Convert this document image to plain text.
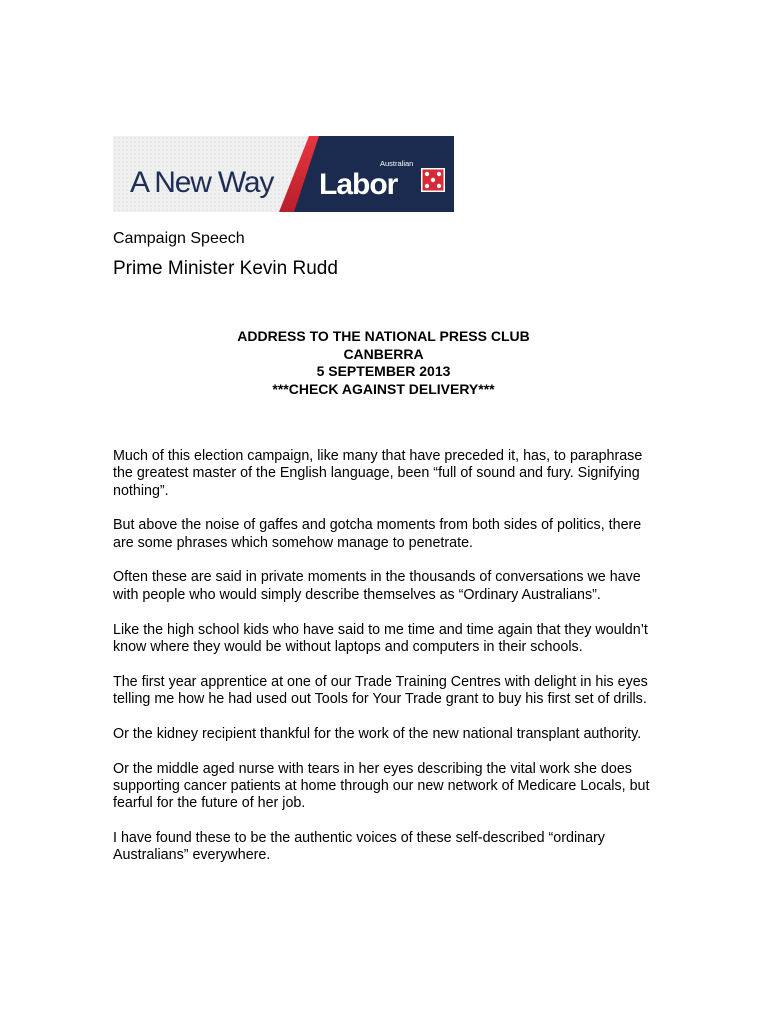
A New Way
Australian
Labor
Campaign Speech
Prime Minister Kevin Rudd
ADDRESS TO THE NATIONAL PRESS CLUB
CANBERRA
5 SEPTEMBER 2013
***CHECK AGAINST DELIVERY***

Much of this election campaign, like many that have preceded it, has, to paraphrase the greatest master of the English language, been “full of sound and fury. Signifying nothing”.

But above the noise of gaffes and gotcha moments from both sides of politics, there are some phrases which somehow manage to penetrate.

Often these are said in private moments in the thousands of conversations we have with people who would simply describe themselves as “Ordinary Australians”.

Like the high school kids who have said to me time and time again that they wouldn’t know where they would be without laptops and computers in their schools.

The first year apprentice at one of our Trade Training Centres with delight in his eyes telling me how he had used out Tools for Your Trade grant to buy his first set of drills.

Or the kidney recipient thankful for the work of the new national transplant authority.

Or the middle aged nurse with tears in her eyes describing the vital work she does supporting cancer patients at home through our new network of Medicare Locals, but fearful for the future of her job.

I have found these to be the authentic voices of these self-described “ordinary Australians” everywhere.
